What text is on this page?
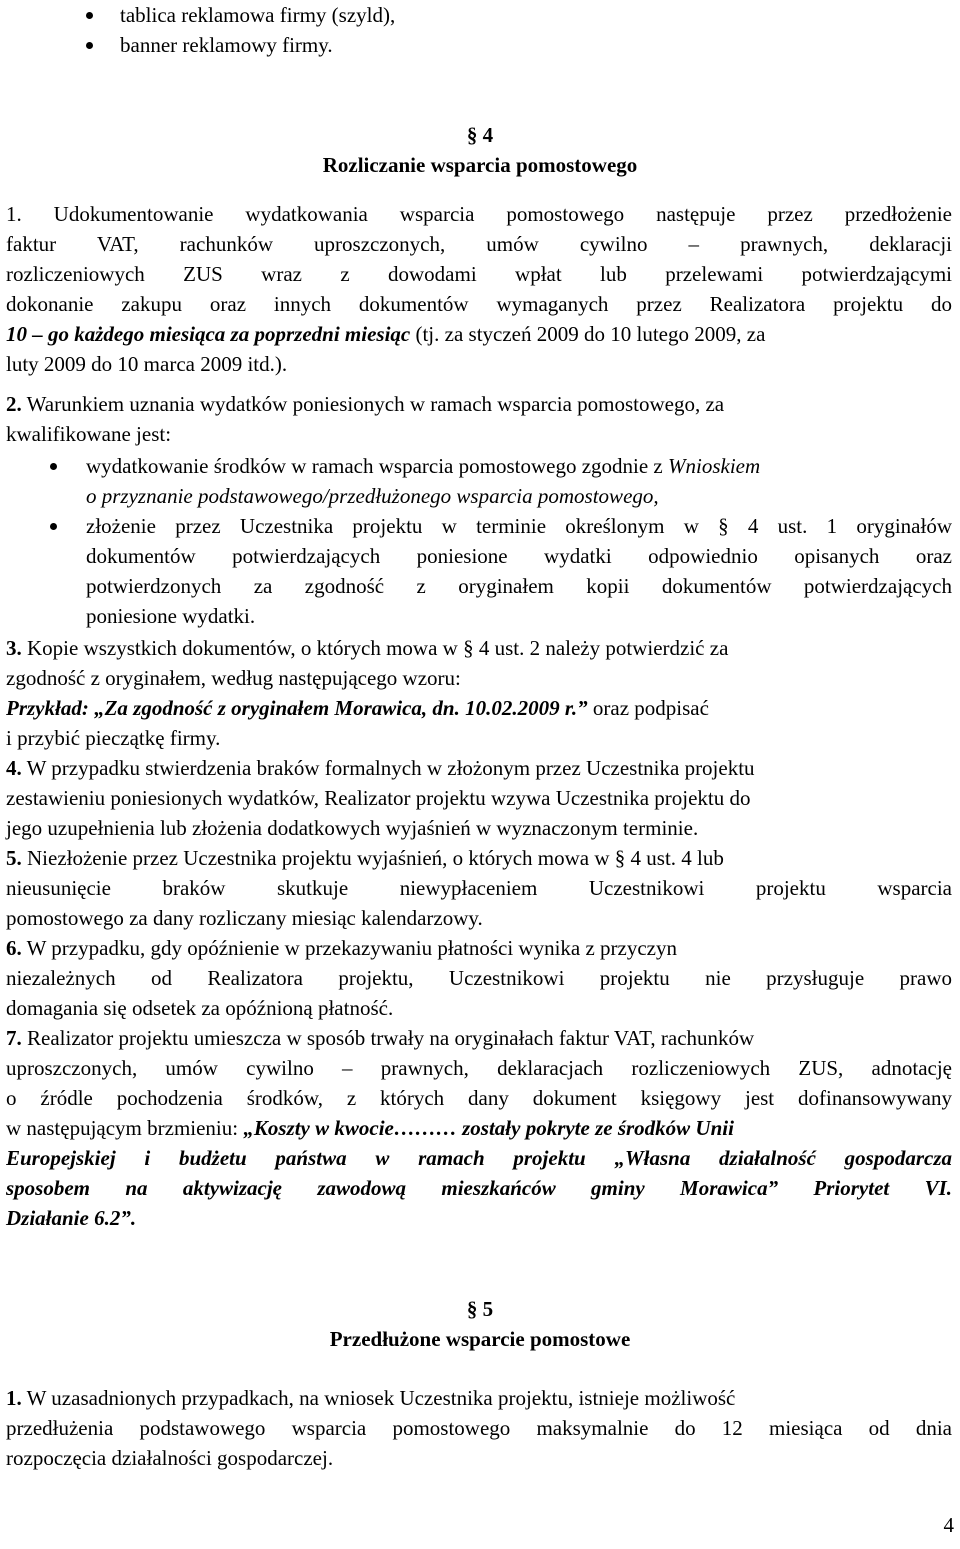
tablica reklamowa firmy (szyld),
banner reklamowy firmy.
§ 4
Rozliczanie wsparcia pomostowego
1. Udokumentowanie wydatkowania wsparcia pomostowego następuje przez przedłożenie
faktur VAT, rachunków uproszczonych, umów cywilno – prawnych, deklaracji
rozliczeniowych ZUS wraz z dowodami wpłat lub przelewami potwierdzającymi
dokonanie zakupu oraz innych dokumentów wymaganych przez Realizatora projektu do
10 – go każdego miesiąca za poprzedni miesiąc (tj. za styczeń 2009 do 10 lutego 2009, za
luty 2009 do 10 marca 2009 itd.).
2. Warunkiem uznania wydatków poniesionych w ramach wsparcia pomostowego, za
kwalifikowane jest:
wydatkowanie środków w ramach wsparcia pomostowego zgodnie z Wnioskiem
o przyznanie podstawowego/przedłużonego wsparcia pomostowego,
złożenie przez Uczestnika projektu w terminie określonym w § 4 ust. 1 oryginałów
dokumentów potwierdzających poniesione wydatki odpowiednio opisanych oraz
potwierdzonych za zgodność z oryginałem kopii dokumentów potwierdzających
poniesione wydatki.
3. Kopie wszystkich dokumentów, o których mowa w § 4 ust. 2 należy potwierdzić za
zgodność z oryginałem, według następującego wzoru:
Przykład: „Za zgodność z oryginałem Morawica, dn. 10.02.2009 r.” oraz podpisać
i przybić pieczątkę firmy.
4. W przypadku stwierdzenia braków formalnych w złożonym przez Uczestnika projektu
zestawieniu poniesionych wydatków, Realizator projektu wzywa Uczestnika projektu do
jego uzupełnienia lub złożenia dodatkowych wyjaśnień w wyznaczonym terminie.
5. Niezłożenie przez Uczestnika projektu wyjaśnień, o których mowa w § 4 ust. 4 lub
nieusunięcie braków skutkuje niewypłaceniem Uczestnikowi projektu wsparcia
pomostowego za dany rozliczany miesiąc kalendarzowy.
6. W przypadku, gdy opóźnienie w przekazywaniu płatności wynika z przyczyn
niezależnych od Realizatora projektu, Uczestnikowi projektu nie przysługuje prawo
domagania się odsetek za opóźnioną płatność.
7. Realizator projektu umieszcza w sposób trwały na oryginałach faktur VAT, rachunków
uproszczonych, umów cywilno – prawnych, deklaracjach rozliczeniowych ZUS, adnotację
o źródle pochodzenia środków, z których dany dokument księgowy jest dofinansowywany
w następującym brzmieniu: „Koszty w kwocie……… zostały pokryte ze środków Unii
Europejskiej i budżetu państwa w ramach projektu „Własna działalność gospodarcza
sposobem na aktywizację zawodową mieszkańców gminy Morawica” Priorytet VI.
Działanie 6.2”.
§ 5
Przedłużone wsparcie pomostowe
1. W uzasadnionych przypadkach, na wniosek Uczestnika projektu, istnieje możliwość
przedłużenia podstawowego wsparcia pomostowego maksymalnie do 12 miesiąca od dnia
rozpoczęcia działalności gospodarczej.
4
